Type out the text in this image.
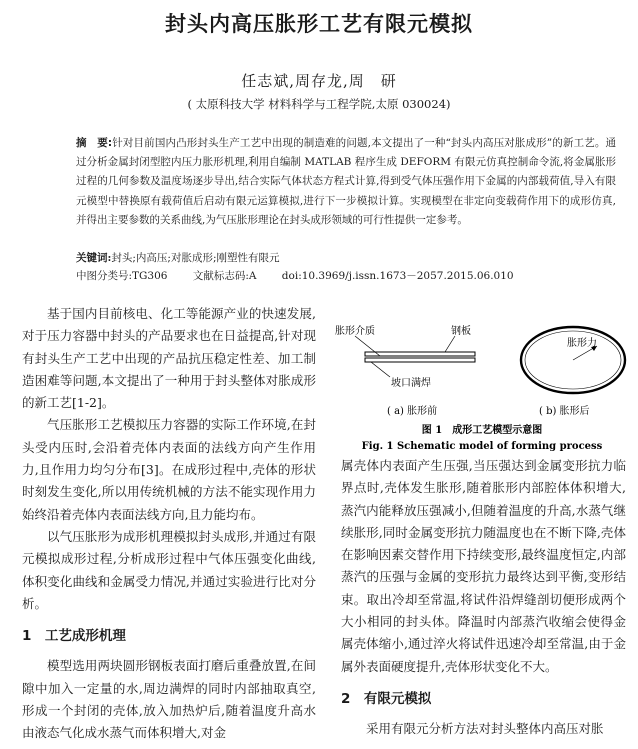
封头内高压胀形工艺有限元模拟
任志斌,周存龙,周　研
( 太原科技大学 材料科学与工程学院,太原 030024)
摘　要:针对目前国内凸形封头生产工艺中出现的制造难的问题,本文提出了一种“封头内高压对胀成形”的新工艺。通过分析金属封闭型腔内压力胀形机理,利用自编制 MATLAB 程序生成 DEFORM 有限元仿真控制命令流,将金属胀形过程的几何参数及温度场逐步导出,结合实际气体状态方程式计算,得到受气体压强作用下金属的内部载荷值,导入有限元模型中替换原有载荷值后启动有限元运算模拟,进行下一步模拟计算。实现模型在非定向变载荷作用下的成形仿真,并得出主要参数的关系曲线,为气压胀形理论在封头成形领域的可行性提供一定参考。
关键词:封头;内高压;对胀成形;刚塑性有限元
中图分类号:TG306 文献标志码:A doi:10.3969/j.issn.1673－2057.2015.06.010

基于国内目前核电、化工等能源产业的快速发展,对于压力容器中封头的产品要求也在日益提高,针对现有封头生产工艺中出现的产品抗压稳定性差、加工制造困难等问题,本文提出了一种用于封头整体对胀成形的新工艺[1-2]。

气压胀形工艺模拟压力容器的实际工作环境,在封头受内压时,会沿着壳体内表面的法线方向产生作用力,且作用力均匀分布[3]。在成形过程中,壳体的形状时刻发生变化,所以用传统机械的方法不能实现作用力始终沿着壳体内表面法线方向,且力能均布。

以气压胀形为成形机理模拟封头成形,并通过有限元模拟成形过程,分析成形过程中气体压强变化曲线,体积变化曲线和金属受力情况,并通过实验进行比对分析。

1　工艺成形机理

模型选用两块圆形钢板表面打磨后重叠放置,在间隙中加入一定量的水,周边满焊的同时内部抽取真空,形成一个封闭的壳体,放入加热炉后,随着温度升高水由液态气化成水蒸气而体积增大,对金

胀形介质	钢板
坡口满焊
胀形力
( a) 胀形前	( b) 胀形后
图 1　成形工艺模型示意图
Fig. 1 Schematic model of forming process

属壳体内表面产生压强,当压强达到金属变形抗力临界点时,壳体发生胀形,随着胀形内部腔体体积增大,蒸汽内能释放压强减小,但随着温度的升高,水蒸气继续胀形,同时金属变形抗力随温度也在不断下降,壳体在影响因素交替作用下持续变形,最终温度恒定,内部蒸汽的压强与金属的变形抗力最终达到平衡,变形结束。取出冷却至常温,将试件沿焊缝剖切便形成两个大小相同的封头体。降温时内部蒸汽收缩会使得金属壳体缩小,通过淬火将试件迅速冷却至常温,由于金属外表面硬度提升,壳体形状变化不大。

2　有限元模拟

采用有限元分析方法对封头整体内高压对胀
